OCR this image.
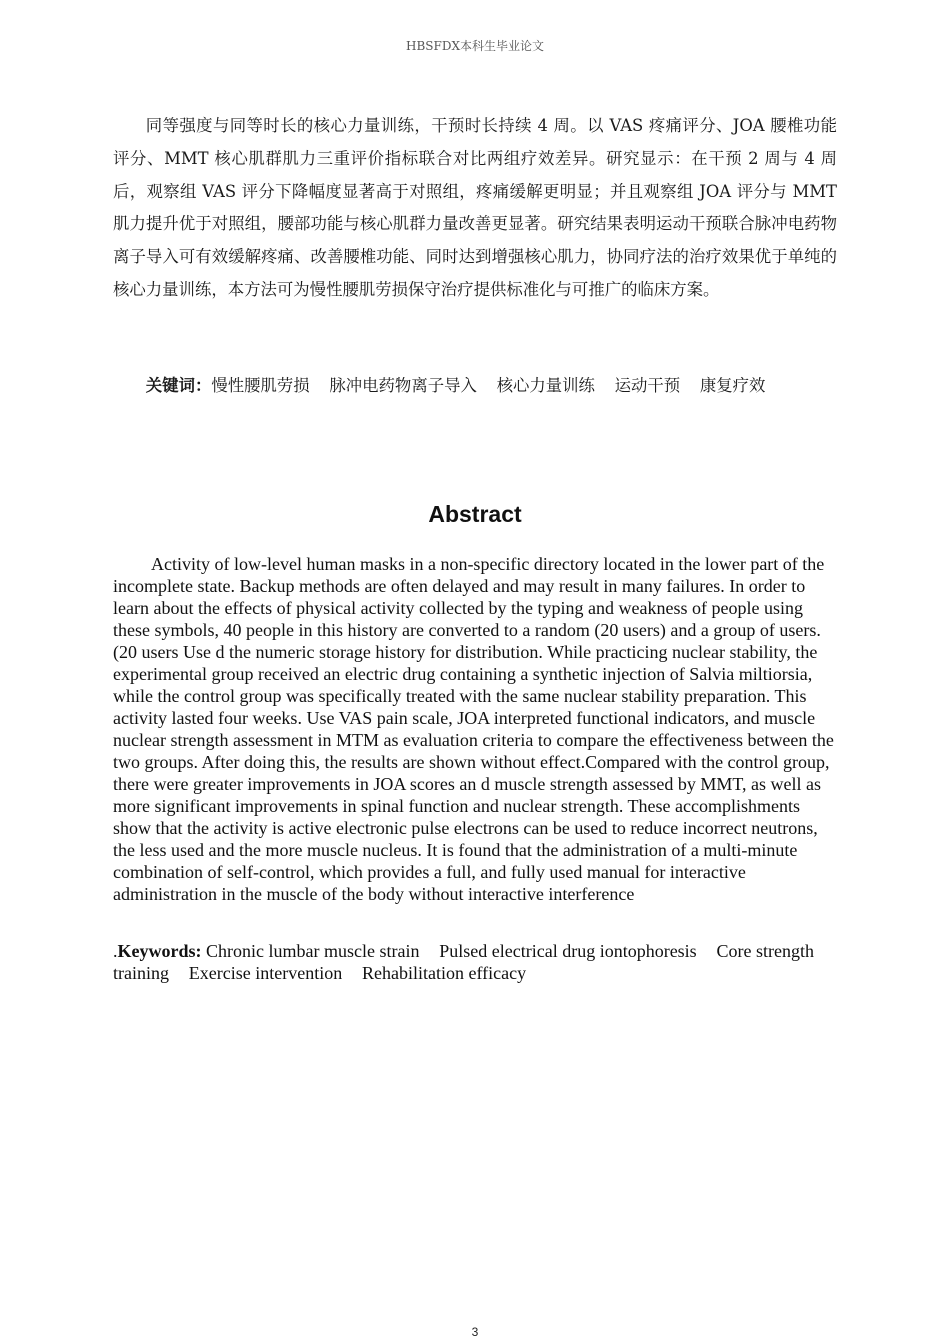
HBSFDX本科生毕业论文

同等强度与同等时长的核心力量训练，干预时长持续 4 周。以 VAS 疼痛评分、JOA 腰椎功能评分、MMT 核心肌群肌力三重评价指标联合对比两组疗效差异。研究显示：在干预 2 周与 4 周后，观察组 VAS 评分下降幅度显著高于对照组，疼痛缓解更明显；并且观察组 JOA 评分与 MMT 肌力提升优于对照组，腰部功能与核心肌群力量改善更显著。研究结果表明运动干预联合脉冲电药物离子导入可有效缓解疼痛、改善腰椎功能、同时达到增强核心肌力，协同疗法的治疗效果优于单纯的核心力量训练，本方法可为慢性腰肌劳损保守治疗提供标准化与可推广的临床方案。

关键词：慢性腰肌劳损 脉冲电药物离子导入 核心力量训练 运动干预 康复疗效

Abstract

Activity of low-level human masks in a non-specific directory located in the lower part of the incomplete state. Backup methods are often delayed and may result in many failures. In order to learn about the effects of physical activity collected by the typing and weakness of people using these symbols, 40 people in this history are converted to a random (20 users) and a group of users. (20 users Use d the numeric storage history for distribution. While practicing nuclear stability, the experimental group received an electric drug containing a synthetic injection of Salvia miltiorsia, while the control group was specifically treated with the same nuclear stability preparation. This activity lasted four weeks. Use VAS pain scale, JOA interpreted functional indicators, and muscle nuclear strength assessment in MTM as evaluation criteria to compare the effectiveness between the two groups. After doing this, the results are shown without effect.Compared with the control group, there were greater improvements in JOA scores an d muscle strength assessed by MMT, as well as more significant improvements in spinal function and nuclear strength. These accomplishments show that the activity is active electronic pulse electrons can be used to reduce incorrect neutrons, the less used and the more muscle nucleus. It is found that the administration of a multi-minute combination of self-control, which provides a full, and fully used manual for interactive administration in the muscle of the body without interactive interference

.Keywords: Chronic lumbar muscle strain Pulsed electrical drug iontophoresis Core strength training Exercise intervention Rehabilitation efficacy

3
